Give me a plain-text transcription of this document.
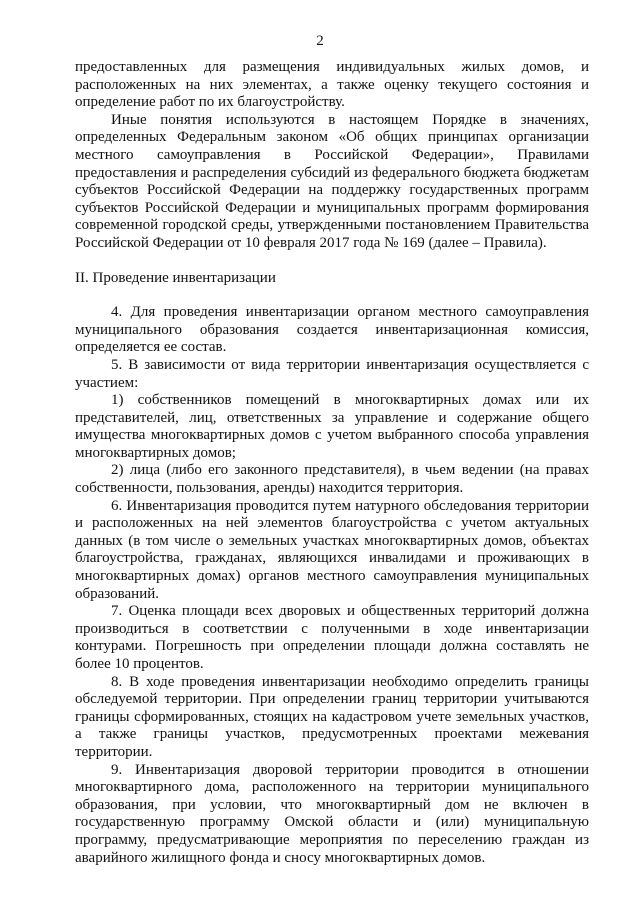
2

предоставленных для размещения индивидуальных жилых домов, и расположенных на них элементах, а также оценку текущего состояния и определение работ по их благоустройству.

Иные понятия используются в настоящем Порядке в значениях, определенных Федеральным законом «Об общих принципах организации местного самоуправления в Российской Федерации», Правилами предоставления и распределения субсидий из федерального бюджета бюджетам субъектов Российской Федерации на поддержку государственных программ субъектов Российской Федерации и муниципальных программ формирования современной городской среды, утвержденными постановлением Правительства Российской Федерации от 10 февраля 2017 года № 169 (далее – Правила).

II. Проведение инвентаризации

4. Для проведения инвентаризации органом местного самоуправления муниципального образования создается инвентаризационная комиссия, определяется ее состав.

5. В зависимости от вида территории инвентаризация осуществляется с участием:

1) собственников помещений в многоквартирных домах или их представителей, лиц, ответственных за управление и содержание общего имущества многоквартирных домов с учетом выбранного способа управления многоквартирных домов;

2) лица (либо его законного представителя), в чьем ведении (на правах собственности, пользования, аренды) находится территория.

6. Инвентаризация проводится путем натурного обследования территории и расположенных на ней элементов благоустройства с учетом актуальных данных (в том числе о земельных участках многоквартирных домов, объектах благоустройства, гражданах, являющихся инвалидами и проживающих в многоквартирных домах) органов местного самоуправления муниципальных образований.

7. Оценка площади всех дворовых и общественных территорий должна производиться в соответствии с полученными в ходе инвентаризации контурами. Погрешность при определении площади должна составлять не более 10 процентов.

8. В ходе проведения инвентаризации необходимо определить границы обследуемой территории. При определении границ территории учитываются границы сформированных, стоящих на кадастровом учете земельных участков, а также границы участков, предусмотренных проектами межевания территории.

9. Инвентаризация дворовой территории проводится в отношении многоквартирного дома, расположенного на территории муниципального образования, при условии, что многоквартирный дом не включен в государственную программу Омской области и (или) муниципальную программу, предусматривающие мероприятия по переселению граждан из аварийного жилищного фонда и сносу многоквартирных домов.
